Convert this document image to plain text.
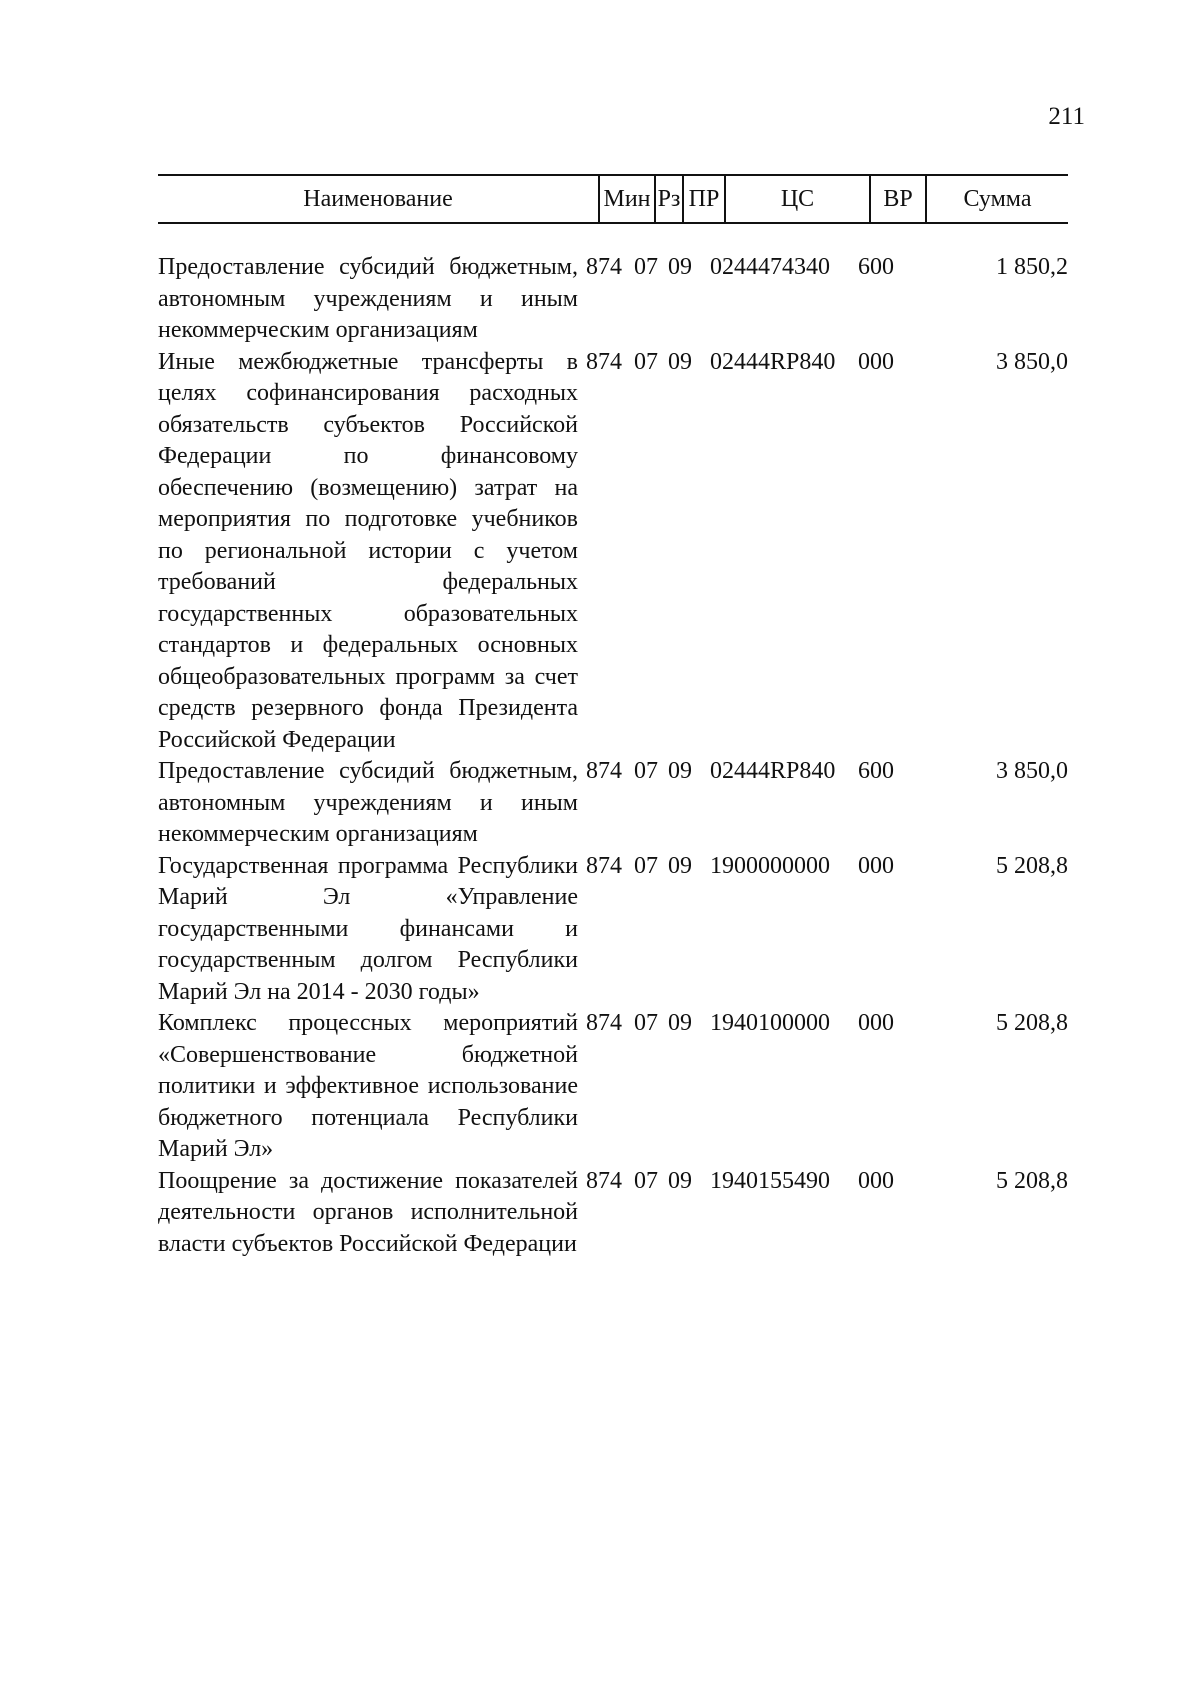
211
Наименование	Мин Рз ПР	ЦС	ВР	Сумма
Предоставление субсидий бюджетным, автономным учреждениям и иным некоммерческим организациям
874 07 09 0244474340	600	1 850,2
Иные межбюджетные трансферты в целях софинансирования расходных обязательств субъектов Российской Федерации по финансовому обеспечению (возмещению) затрат на мероприятия по подготовке учебников по региональной истории с учетом требований федеральных государственных образовательных стандартов и федеральных основных общеобразовательных программ за счет средств резервного фонда Президента Российской Федерации
874 07 09 02444RP840 000	3 850,0
Предоставление субсидий бюджетным, автономным учреждениям и иным некоммерческим организациям
874 07 09 02444RP840 600	3 850,0
Государственная программа Республики Марий Эл «Управление государственными финансами и государственным долгом Республики Марий Эл на 2014 - 2030 годы»
874 07 09 1900000000	000	5 208,8
Комплекс процессных мероприятий «Совершенствование бюджетной политики и эффективное использование бюджетного потенциала Республики Марий Эл»
874 07 09 1940100000	000	5 208,8
Поощрение за достижение показателей деятельности органов исполнительной власти субъектов Российской Федерации
874 07 09 1940155490	000	5 208,8
